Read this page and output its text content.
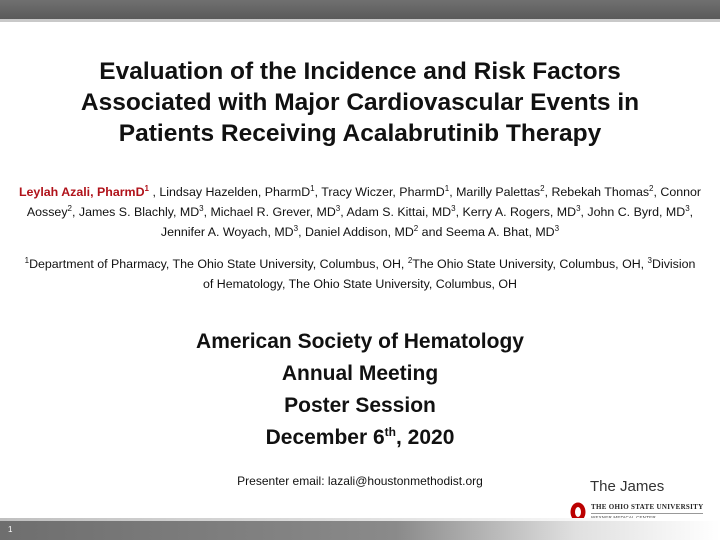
Evaluation of the Incidence and Risk Factors
Associated with Major Cardiovascular Events in
Patients Receiving Acalabrutinib Therapy
Leylah Azali, PharmD$^1$ , Lindsay Hazelden, PharmD$^1$, Tracy Wiczer, PharmD$^1$, Marilly Palettas$^2$, Rebekah Thomas$^2$, Connor Aossey$^2$, James S. Blachly, $MD^3$, Michael R. Grever, $MD^3$, Adam S. Kittai, $MD^3$, Kerry A. Rogers, $MD^3$, John C. Byrd, $MD^3$, Jennifer A. Woyach, $MD^3$, Daniel Addison, $MD^2$ and Seema A. Bhat, $MD^3$
$^1$Department of Pharmacy, The Ohio State University, Columbus, OH, $^2$The Ohio State University, Columbus, OH, $^3$Division of Hematology, The Ohio State University, Columbus, OH
American Society of Hematology
Annual Meeting
Poster Session
December 6th, 2020
Presenter email: lazali@houstonmethodist.org	The James
THE OHIO STATE UNIVERSITY
1
